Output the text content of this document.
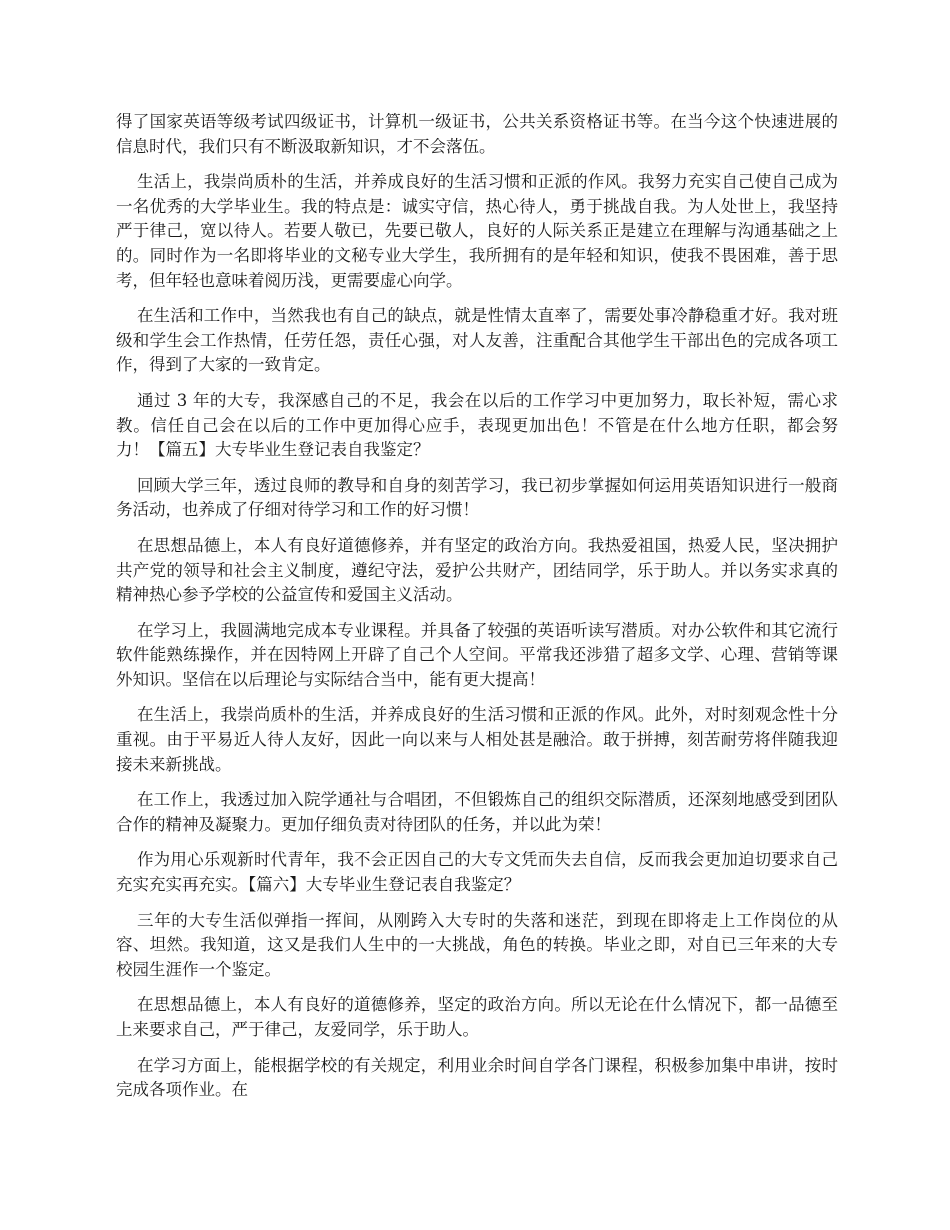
得了国家英语等级考试四级证书，计算机一级证书，公共关系资格证书等。在当今这个快速进展的信息时代，我们只有不断汲取新知识，才不会落伍。

生活上，我崇尚质朴的生活，并养成良好的生活习惯和正派的作风。我努力充实自己使自己成为一名优秀的大学毕业生。我的特点是：诚实守信，热心待人，勇于挑战自我。为人处世上，我坚持严于律己，宽以待人。若要人敬已，先要已敬人，良好的人际关系正是建立在理解与沟通基础之上的。同时作为一名即将毕业的文秘专业大学生，我所拥有的是年轻和知识，使我不畏困难，善于思考，但年轻也意味着阅历浅，更需要虚心向学。

在生活和工作中，当然我也有自己的缺点，就是性情太直率了，需要处事冷静稳重才好。我对班级和学生会工作热情，任劳任怨，责任心强，对人友善，注重配合其他学生干部出色的完成各项工作，得到了大家的一致肯定。

通过 3 年的大专，我深感自己的不足，我会在以后的工作学习中更加努力，取长补短，需心求教。信任自己会在以后的工作中更加得心应手，表现更加出色！不管是在什么地方任职，都会努力！【篇五】大专毕业生登记表自我鉴定？

回顾大学三年，透过良师的教导和自身的刻苦学习，我已初步掌握如何运用英语知识进行一般商务活动，也养成了仔细对待学习和工作的好习惯！

在思想品德上，本人有良好道德修养，并有坚定的政治方向。我热爱祖国，热爱人民，坚决拥护共产党的领导和社会主义制度，遵纪守法，爱护公共财产，团结同学，乐于助人。并以务实求真的精神热心参予学校的公益宣传和爱国主义活动。

在学习上，我圆满地完成本专业课程。并具备了较强的英语听读写潜质。对办公软件和其它流行软件能熟练操作，并在因特网上开辟了自己个人空间。平常我还涉猎了超多文学、心理、营销等课外知识。坚信在以后理论与实际结合当中，能有更大提高！

在生活上，我崇尚质朴的生活，并养成良好的生活习惯和正派的作风。此外，对时刻观念性十分重视。由于平易近人待人友好，因此一向以来与人相处甚是融洽。敢于拼搏，刻苦耐劳将伴随我迎接未来新挑战。

在工作上，我透过加入院学通社与合唱团，不但锻炼自己的组织交际潜质，还深刻地感受到团队合作的精神及凝聚力。更加仔细负责对待团队的任务，并以此为荣！

作为用心乐观新时代青年，我不会正因自己的大专文凭而失去自信，反而我会更加迫切要求自己充实充实再充实。【篇六】大专毕业生登记表自我鉴定？

三年的大专生活似弹指一挥间，从刚跨入大专时的失落和迷茫，到现在即将走上工作岗位的从容、坦然。我知道，这又是我们人生中的一大挑战，角色的转换。毕业之即，对自已三年来的大专校园生涯作一个鉴定。

在思想品德上，本人有良好的道德修养，坚定的政治方向。所以无论在什么情况下，都一品德至上来要求自己，严于律己，友爱同学，乐于助人。

在学习方面上，能根据学校的有关规定，利用业余时间自学各门课程，积极参加集中串讲，按时完成各项作业。在
